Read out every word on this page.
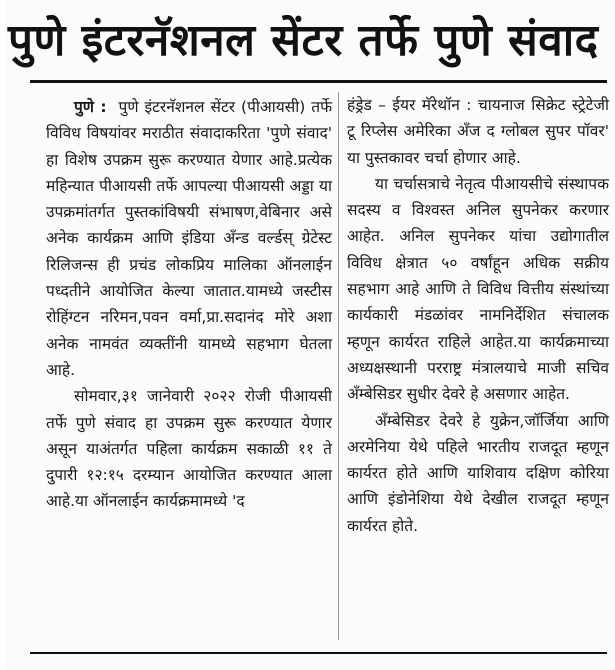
पुणे इंटरनॅशनल सेंटर तर्फे पुणे संवाद

पुणे : पुणे इंटरनॅशनल सेंटर (पीआयसी) तर्फे विविध विषयांवर मराठीत संवादाकरिता 'पुणे संवाद' हा विशेष उपक्रम सुरू करण्यात येणार आहे.प्रत्येक महिन्यात पीआयसी तर्फे आपल्या पीआयसी अड्डा या उपक्रमांतर्गत पुस्तकांविषयी संभाषण,वेबिनार असे अनेक कार्यक्रम आणि इंडिया अँन्ड वर्ल्डस् ग्रेटेस्ट रिलिजन्स ही प्रचंड लोकप्रिय मालिका ऑनलाईन पध्दतीने आयोजित केल्या जातात.यामध्ये जस्टीस रोहिंग्टन नरिमन,पवन वर्मा,प्रा.सदानंद मोरे अशा अनेक नामवंत व्यक्तींनी यामध्ये सहभाग घेतला आहे.

सोमवार,३१ जानेवारी २०२२ रोजी पीआयसी तर्फे पुणे संवाद हा उपक्रम सुरू करण्यात येणार असून याअंतर्गत पहिला कार्यक्रम सकाळी ११ ते दुपारी १२:१५ दरम्यान आयोजित करण्यात आला आहे.या ऑनलाईन कार्यक्रमामध्ये 'द

हंड्रेड – ईयर मॅरेथॉन : चायनाज सिक्रेट स्ट्रेटेजी टू रिप्लेस अमेरिका अँज द ग्लोबल सुपर पॉवर' या पुस्तकावर चर्चा होणार आहे.

या चर्चासत्राचे नेतृत्व पीआयसीचे संस्थापक सदस्य व विश्वस्त अनिल सुपनेकर करणार आहेत. अनिल सुपनेकर यांचा उद्योगातील विविध क्षेत्रात ५० वर्षांहून अधिक सक्रीय सहभाग आहे आणि ते विविध वित्तीय संस्थांच्या कार्यकारी मंडळांवर नामनिर्देशित संचालक म्हणून कार्यरत राहिले आहेत.या कार्यक्रमाच्या अध्यक्षस्थानी परराष्ट्र मंत्रालयाचे माजी सचिव अँम्बेसिडर सुधीर देवरे हे असणार आहेत.

अँम्बेसिडर देवरे हे युक्रेन,जॉर्जिया आणि अरमेनिया येथे पहिले भारतीय राजदूत म्हणून कार्यरत होते आणि याशिवाय दक्षिण कोरिया आणि इंडोनेशिया येथे देखील राजदूत म्हणून कार्यरत होते.
